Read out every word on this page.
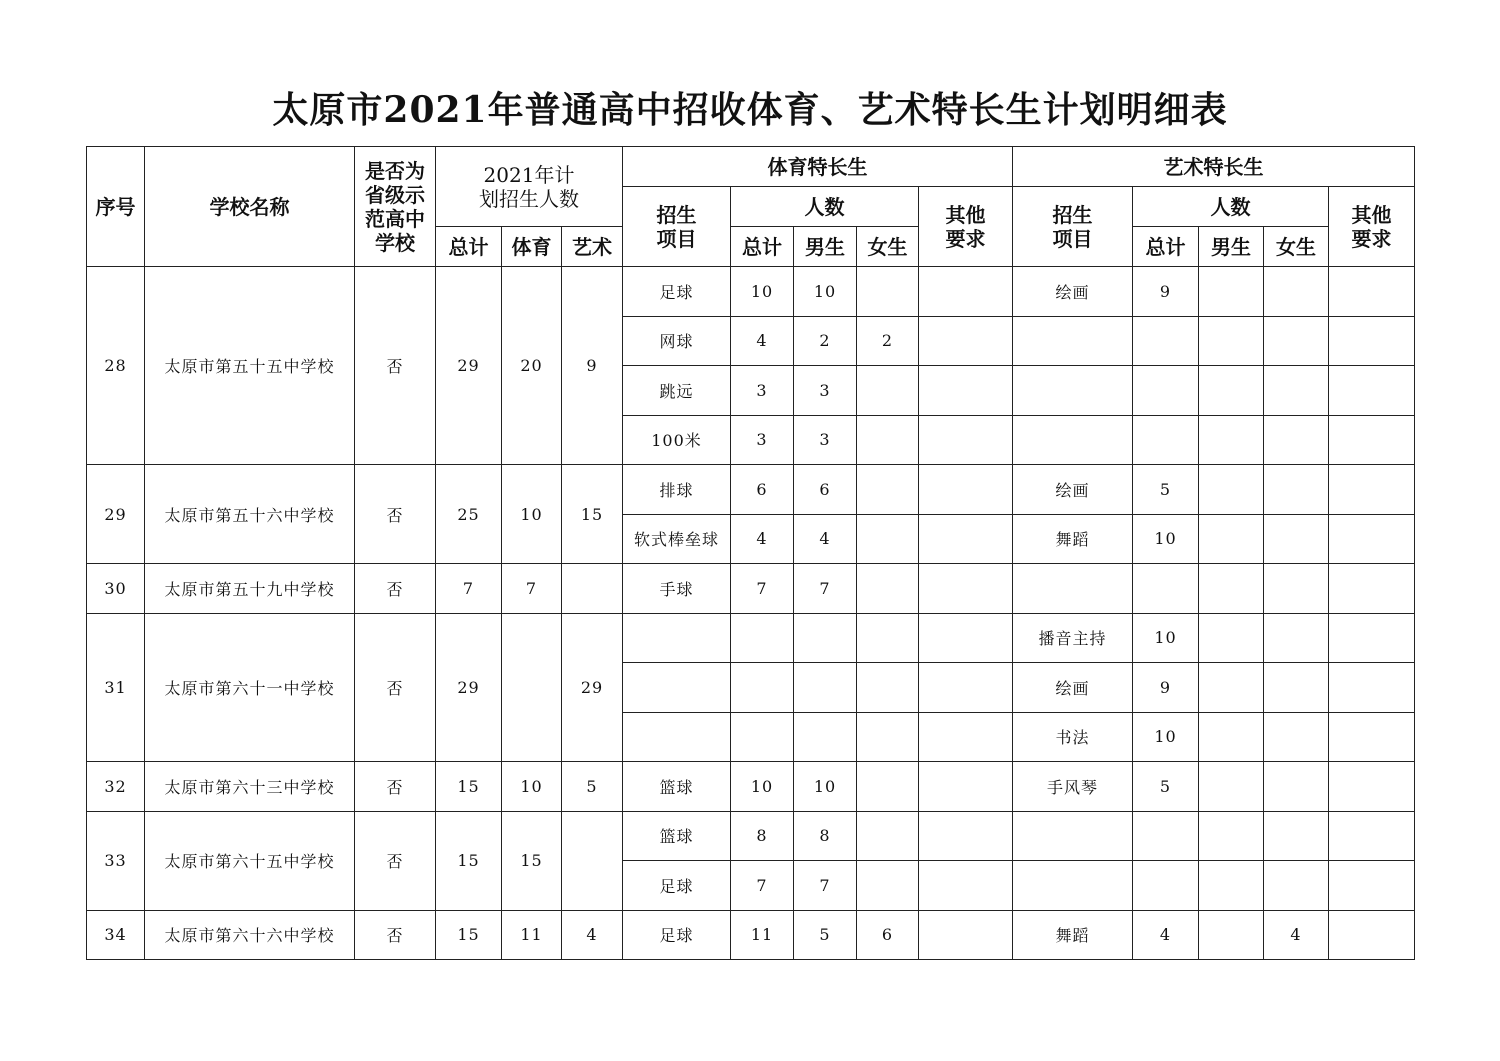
太原市2021年普通高中招收体育、艺术特长生计划明细表
序号	学校名称	是否为省级示范高中学校	2021年计划招生人数			体育特长生					艺术特长生				

						招生项目	人数			其他要求	招生项目	人数			其他要求

			总计	体育	艺术		总计	男生	女生			总计	男生	女生	
28	太原市第五十五中学校	否	29	20	9	足球	10	10			绘画	9			
						网球	4	2	2						
						跳远	3	3							
						100米	3	3							
29	太原市第五十六中学校	否	25	10	15	排球	6	6			绘画	5			
						软式棒垒球	4	4			舞蹈	10			
30	太原市第五十九中学校	否	7	7		手球	7	7							
31	太原市第六十一中学校	否	29		29						播音主持	10			
											绘画	9			
											书法	10			
32	太原市第六十三中学校	否	15	10	5	篮球	10	10			手风琴	5			
33	太原市第六十五中学校	否	15	15		篮球	8	8							
						足球	7	7							
34	太原市第六十六中学校	否	15	11	4	足球	11	5	6		舞蹈	4		4	
